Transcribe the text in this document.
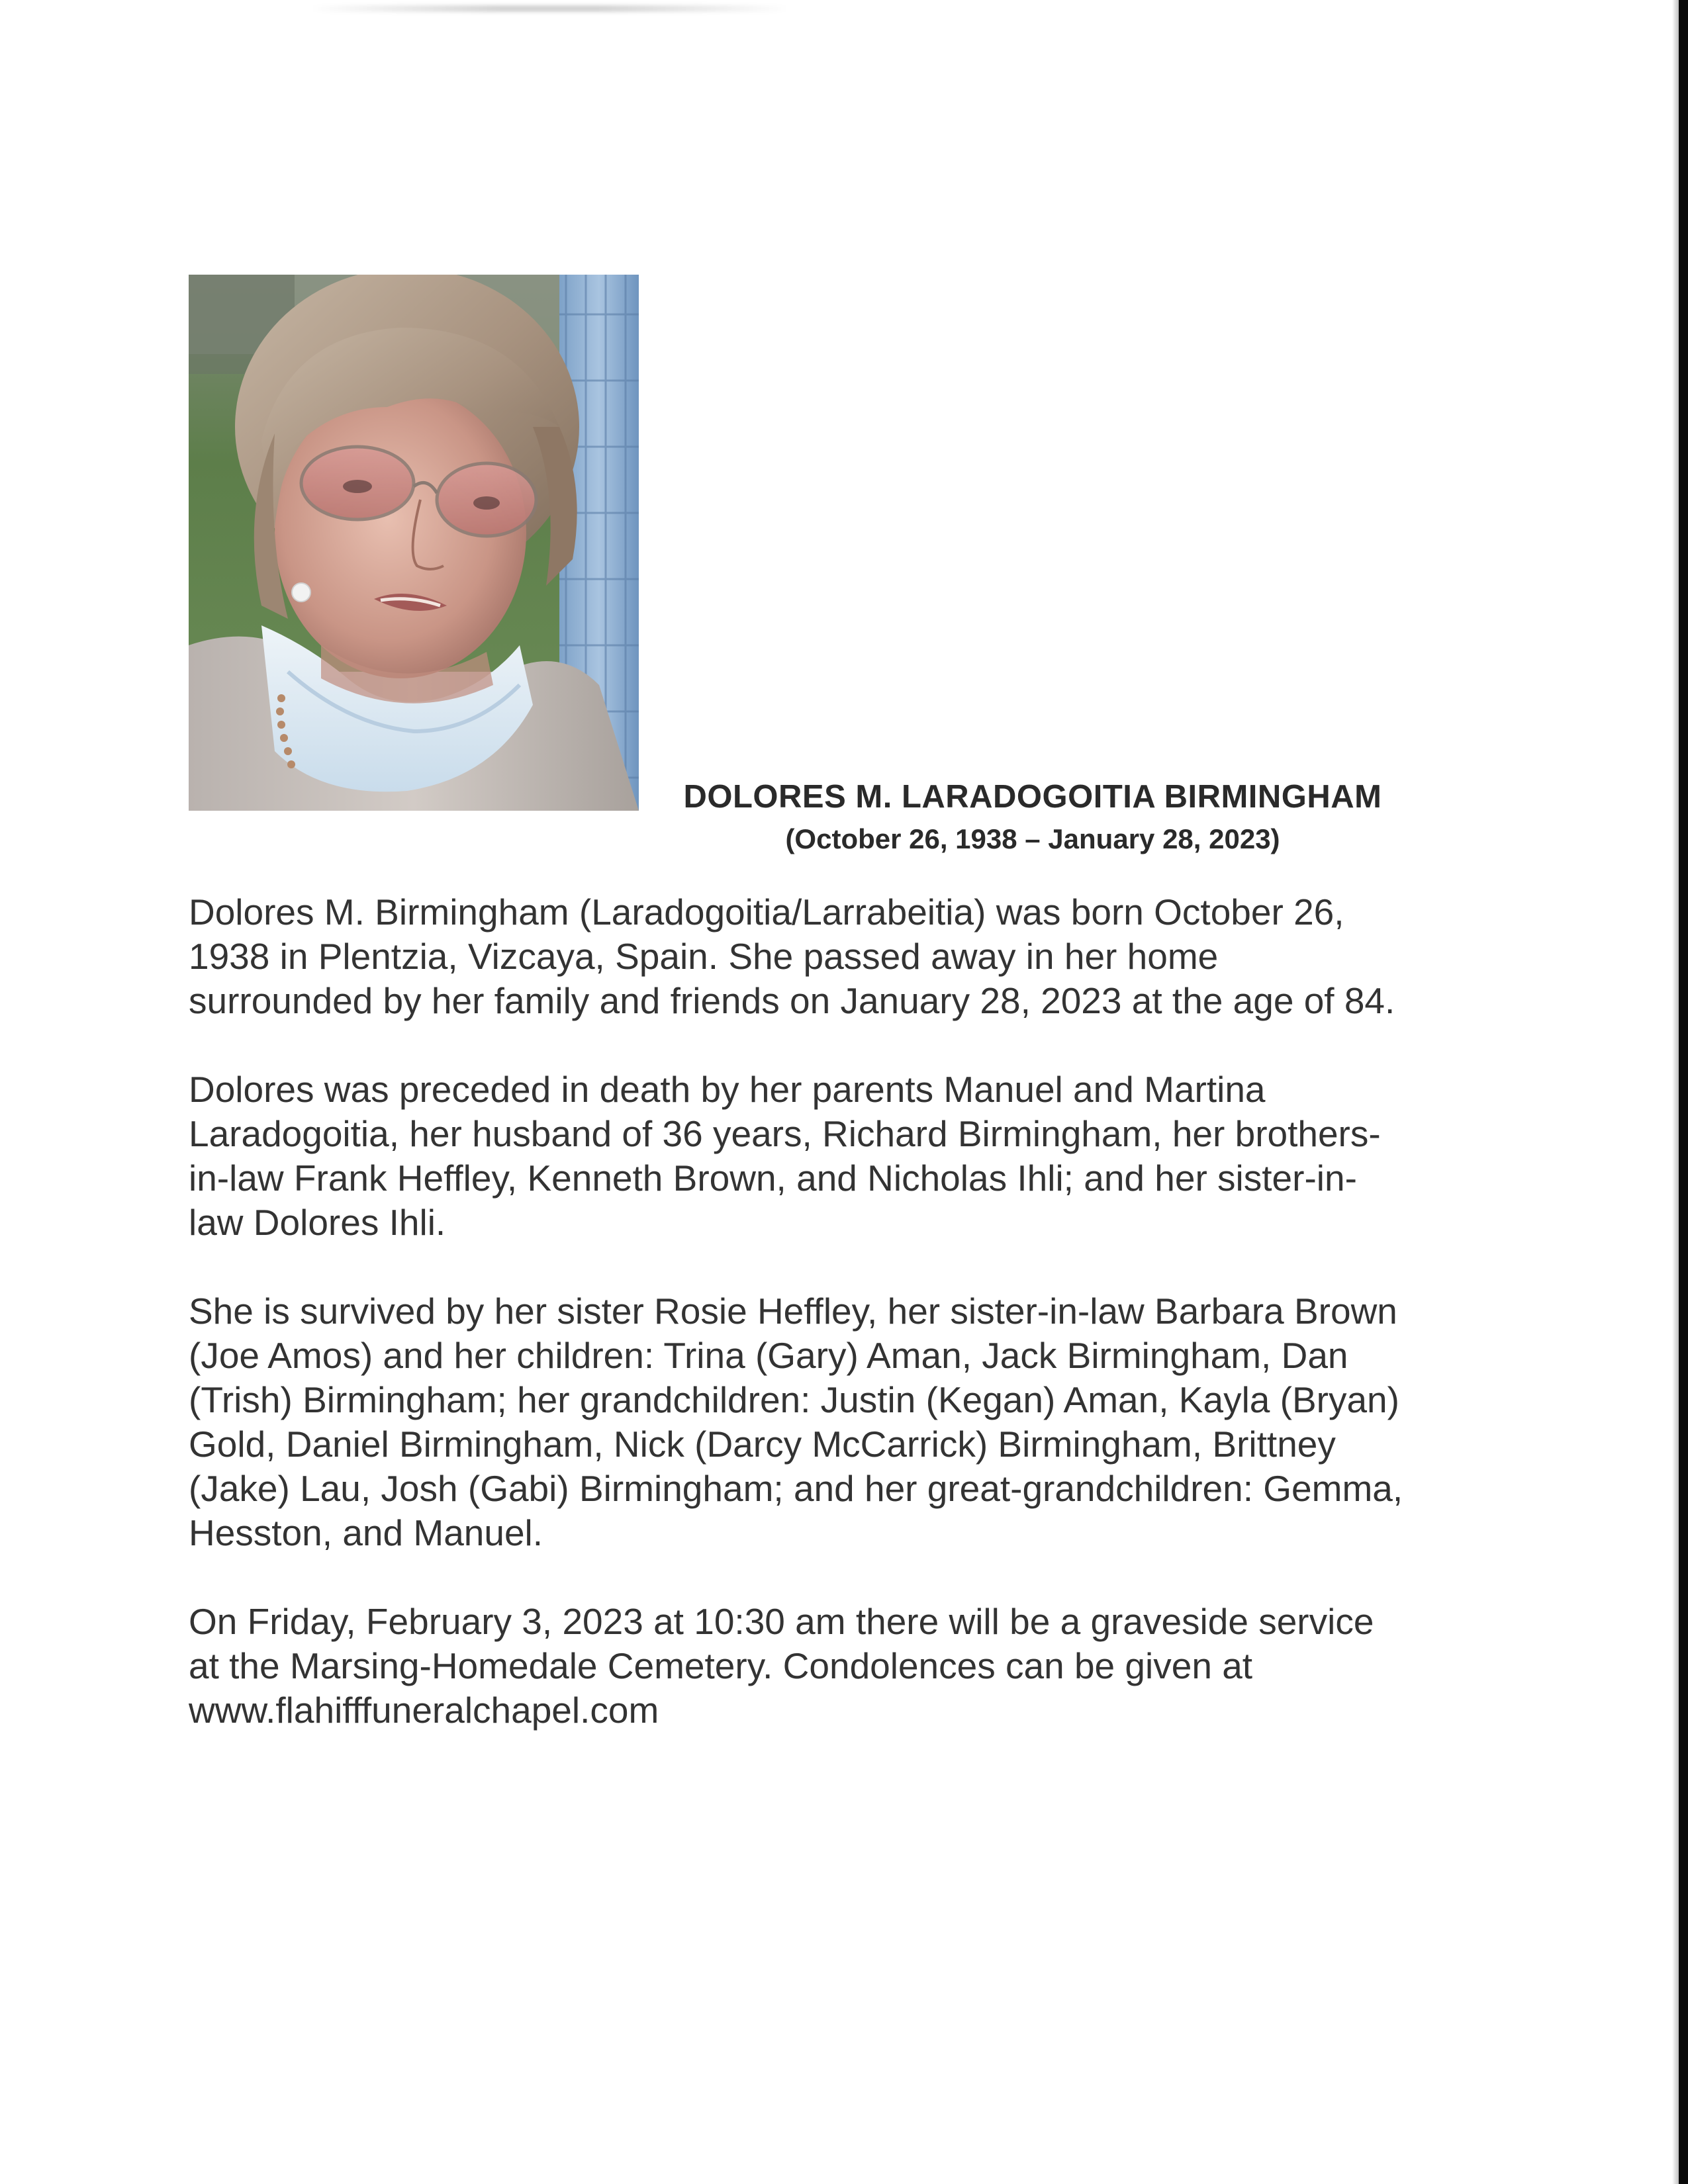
DOLORES M. LARADOGOITIA BIRMINGHAM
(October 26, 1938 – January 28, 2023)

Dolores M. Birmingham (Laradogoitia/Larrabeitia) was born October 26,
1938 in Plentzia, Vizcaya, Spain. She passed away in her home
surrounded by her family and friends on January 28, 2023 at the age of 84.

Dolores was preceded in death by her parents Manuel and Martina
Laradogoitia, her husband of 36 years, Richard Birmingham, her brothers-
in-law Frank Heffley, Kenneth Brown, and Nicholas Ihli; and her sister-in-
law Dolores Ihli.

She is survived by her sister Rosie Heffley, her sister-in-law Barbara Brown
(Joe Amos) and her children: Trina (Gary) Aman, Jack Birmingham, Dan
(Trish) Birmingham; her grandchildren: Justin (Kegan) Aman, Kayla (Bryan)
Gold, Daniel Birmingham, Nick (Darcy McCarrick) Birmingham, Brittney
(Jake) Lau, Josh (Gabi) Birmingham; and her great-grandchildren: Gemma,
Hesston, and Manuel.

On Friday, February 3, 2023 at 10:30 am there will be a graveside service
at the Marsing-Homedale Cemetery. Condolences can be given at
www.flahifffuneralchapel.com
